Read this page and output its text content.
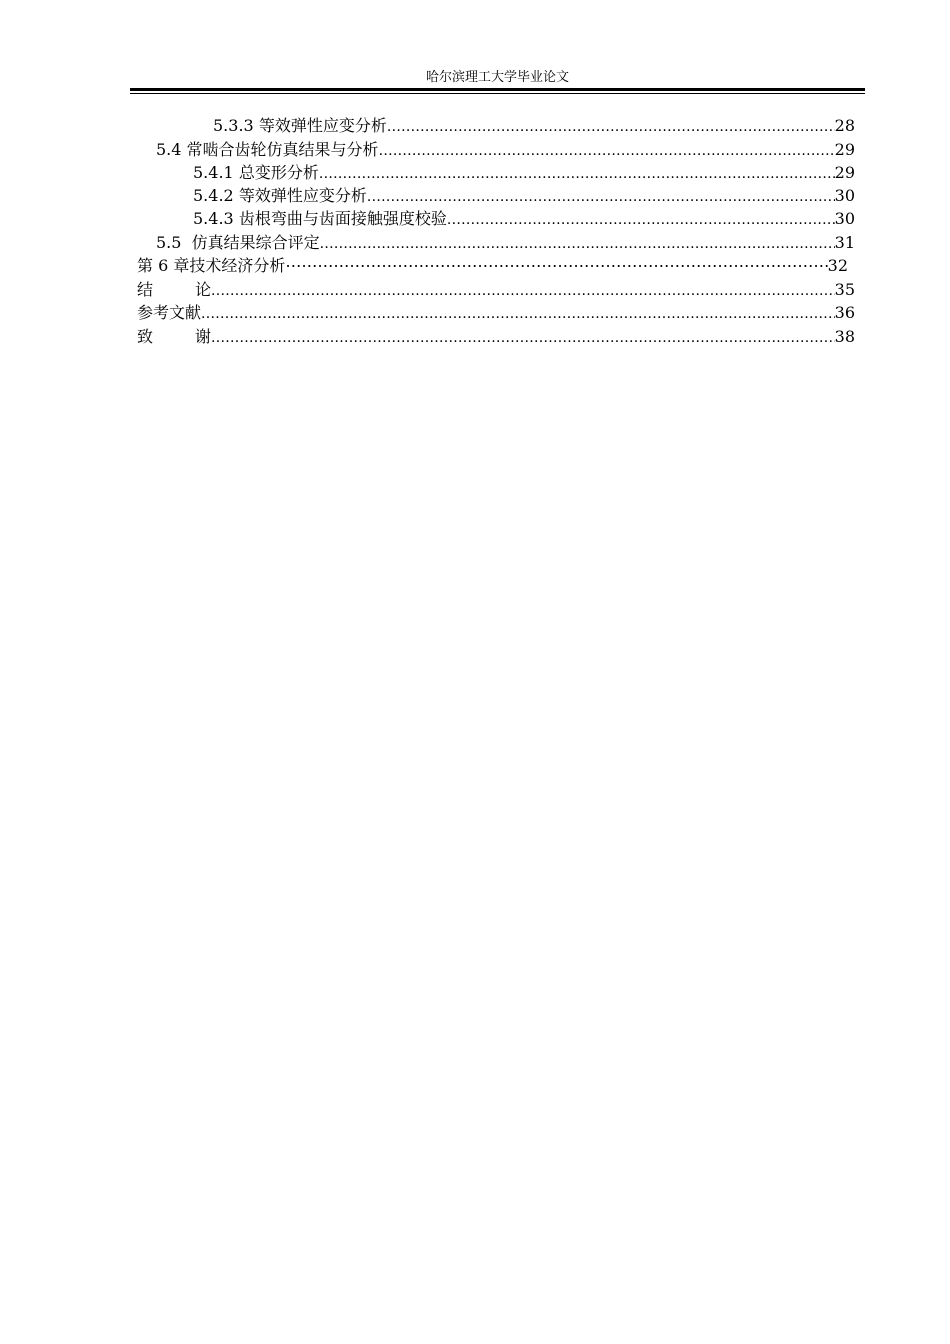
哈尔滨理工大学毕业论文
5.3.3 等效弹性应变分析 .....	28
5.4 常啮合齿轮仿真结果与分析 .....	29
5.4.1 总变形分析 .....	29
5.4.2 等效弹性应变分析 .....	30
5.4.3 齿根弯曲与齿面接触强度校验 .....	30
5.5 仿真结果综合评定 .....	31
第 6 章技术经济分析 ⋯⋯⋯⋯⋯⋯⋯⋯⋯⋯⋯⋯⋯⋯⋯⋯⋯⋯⋯⋯⋯⋯⋯⋯⋯⋯⋯⋯⋯⋯⋯⋯⋯⋯⋯⋯⋯⋯⋯⋯⋯⋯⋯⋯⋯⋯⋯⋯⋯⋯⋯⋯⋯⋯⋯⋯⋯⋯⋯⋯	32
结	论 .....	35
参考文献 .....	36
致	谢 .....	38
